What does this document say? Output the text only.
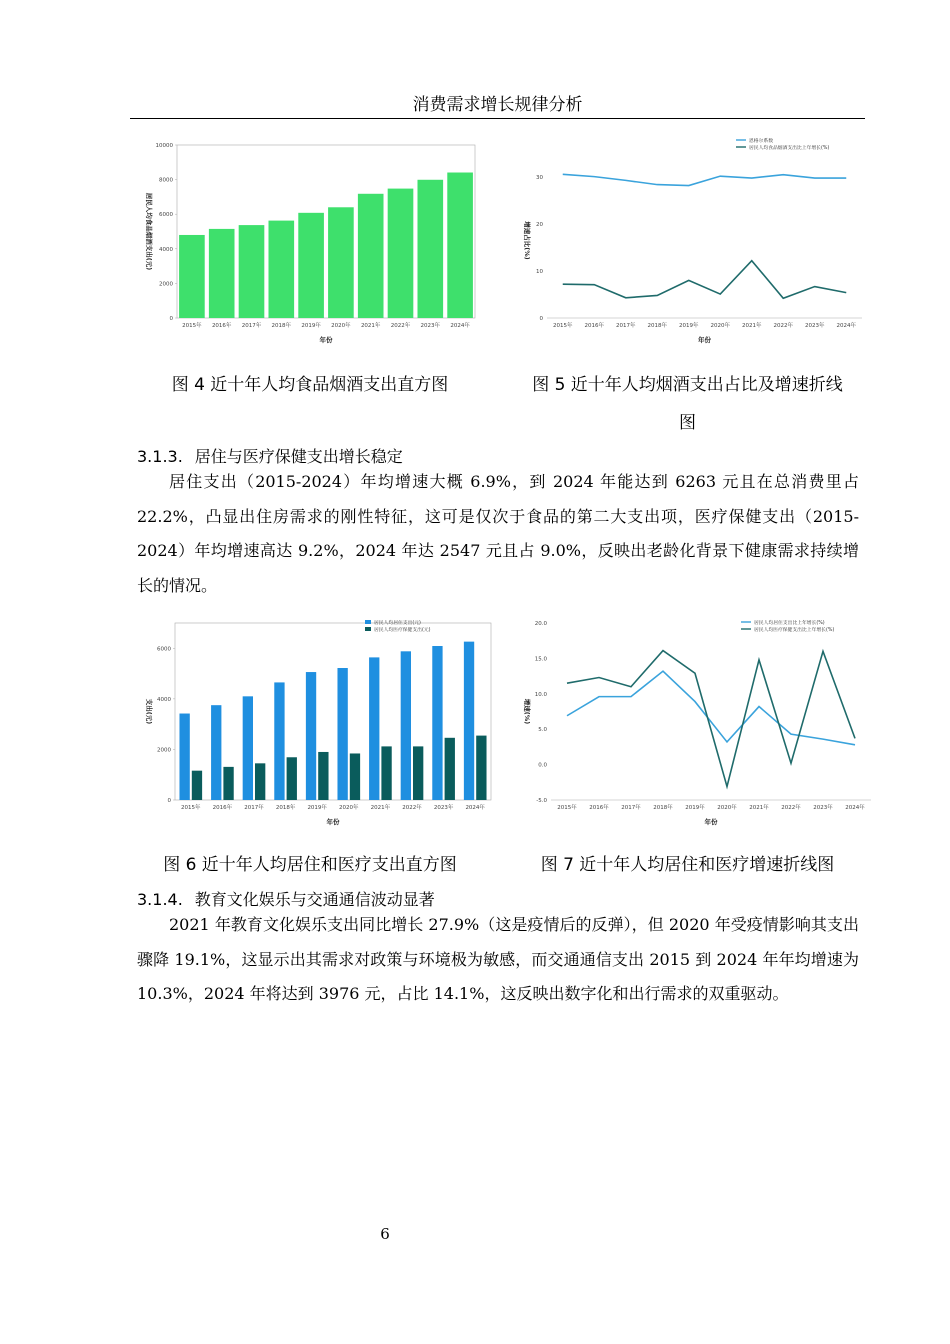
消费需求增长规律分析
0
2000
4000
6000
8000
10000
2015年 2016年 2017年 2018年 2019年 2020年 2021年 2022年 2023年 2024年
年份
居民人均食品烟酒支出(元)
0
10
20
30
2015年 2016年 2017年 2018年 2019年 2020年 2021年 2022年 2023年 2024年
年份
增速占比(%)
恩格尔系数
居民人均食品烟酒支出比上年增长(%)
图 4 近十年人均食品烟酒支出直方图	图 5 近十年人均烟酒支出占比及增速折线
图
3.1.3. 居住与医疗保健支出增长稳定

居住支出（2015-2024）年均增速大概 6.9%，到 2024 年能达到 6263 元且在总消费里占 22.2%，凸显出住房需求的刚性特征，这可是仅次于食品的第二大支出项，医疗保健支出（2015-2024）年均增速高达 9.2%，2024 年达 2547 元且占 9.0%，反映出老龄化背景下健康需求持续增长的情况。

0
2000
4000
6000
2015年 2016年 2017年 2018年 2019年 2020年 2021年 2022年 2023年 2024年
年份
支出(元)
居民人均居住支出(元)
居民人均医疗保健支出(元)
-5.0
0.0
5.0
10.0
15.0
20.0
2015年 2016年 2017年 2018年 2019年 2020年 2021年 2022年 2023年 2024年
年份
增速(%)
居民人均居住支出比上年增长(%)
居民人均医疗保健支出比上年增长(%)
图 6 近十年人均居住和医疗支出直方图	图 7 近十年人均居住和医疗增速折线图
3.1.4. 教育文化娱乐与交通通信波动显著

2021 年教育文化娱乐支出同比增长 27.9%（这是疫情后的反弹），但 2020 年受疫情影响其支出骤降 19.1%，这显示出其需求对政策与环境极为敏感，而交通通信支出 2015 到 2024 年年均增速为 10.3%，2024 年将达到 3976 元，占比 14.1%，这反映出数字化和出行需求的双重驱动。

6
